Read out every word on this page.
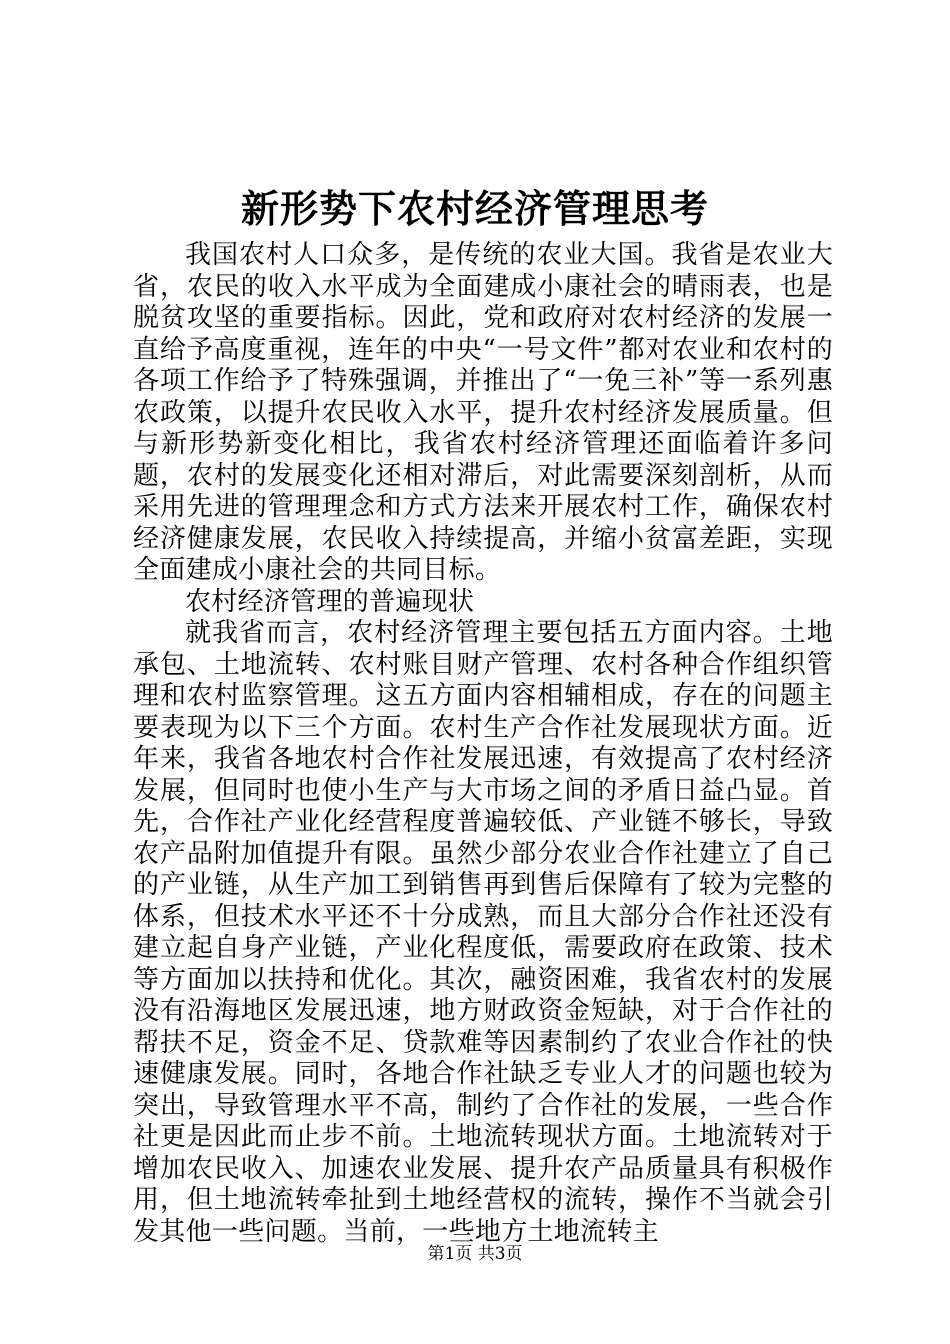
新形势下农村经济管理思考

我国农村人口众多，是传统的农业大国。我省是农业大省，农民的收入水平成为全面建成小康社会的晴雨表，也是脱贫攻坚的重要指标。因此，党和政府对农村经济的发展一直给予高度重视，连年的中央“一号文件”都对农业和农村的各项工作给予了特殊强调，并推出了“一免三补”等一系列惠农政策，以提升农民收入水平，提升农村经济发展质量。但与新形势新变化相比，我省农村经济管理还面临着许多问题，农村的发展变化还相对滞后，对此需要深刻剖析，从而采用先进的管理理念和方式方法来开展农村工作，确保农村经济健康发展，农民收入持续提高，并缩小贫富差距，实现全面建成小康社会的共同目标。

农村经济管理的普遍现状

就我省而言，农村经济管理主要包括五方面内容。土地承包、土地流转、农村账目财产管理、农村各种合作组织管理和农村监察管理。这五方面内容相辅相成，存在的问题主要表现为以下三个方面。农村生产合作社发展现状方面。近年来，我省各地农村合作社发展迅速，有效提高了农村经济发展，但同时也使小生产与大市场之间的矛盾日益凸显。首先，合作社产业化经营程度普遍较低、产业链不够长，导致农产品附加值提升有限。虽然少部分农业合作社建立了自己的产业链，从生产加工到销售再到售后保障有了较为完整的体系，但技术水平还不十分成熟，而且大部分合作社还没有建立起自身产业链，产业化程度低，需要政府在政策、技术等方面加以扶持和优化。其次，融资困难，我省农村的发展没有沿海地区发展迅速，地方财政资金短缺，对于合作社的帮扶不足，资金不足、贷款难等因素制约了农业合作社的快速健康发展。同时，各地合作社缺乏专业人才的问题也较为突出，导致管理水平不高，制约了合作社的发展，一些合作社更是因此而止步不前。土地流转现状方面。土地流转对于增加农民收入、加速农业发展、提升农产品质量具有积极作用，但土地流转牵扯到土地经营权的流转，操作不当就会引发其他一些问题。当前，一些地方土地流转主

第1页 共3页
